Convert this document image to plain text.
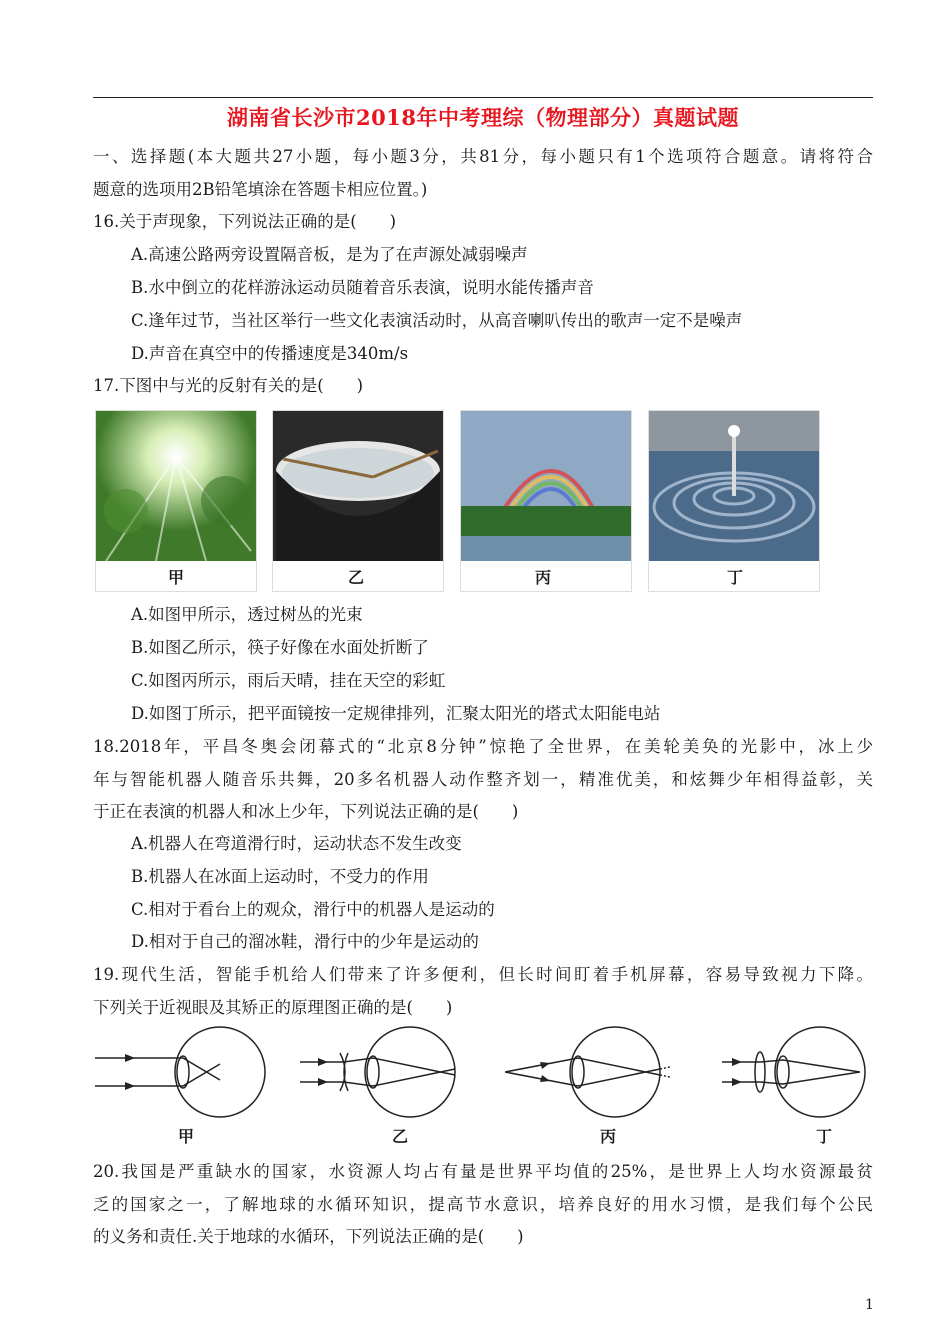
湖南省长沙市2018年中考理综（物理部分）真题试题
一、选择题(本大题共27小题，每小题3分，共81分，每小题只有1个选项符合题意。请将符合
题意的选项用2B铅笔填涂在答题卡相应位置。)
16.关于声现象，下列说法正确的是(　　)
A.高速公路两旁设置隔音板，是为了在声源处减弱噪声
B.水中倒立的花样游泳运动员随着音乐表演，说明水能传播声音
C.逢年过节，当社区举行一些文化表演活动时，从高音喇叭传出的歌声一定不是噪声
D.声音在真空中的传播速度是340m/s
17.下图中与光的反射有关的是(　　)
甲	乙	丙	丁
A.如图甲所示，透过树丛的光束
B.如图乙所示，筷子好像在水面处折断了
C.如图丙所示，雨后天晴，挂在天空的彩虹
D.如图丁所示，把平面镜按一定规律排列，汇聚太阳光的塔式太阳能电站
18.2018年，平昌冬奥会闭幕式的“北京8分钟”惊艳了全世界，在美轮美奂的光影中，冰上少
年与智能机器人随音乐共舞，20多名机器人动作整齐划一，精准优美，和炫舞少年相得益彰，关
于正在表演的机器人和冰上少年，下列说法正确的是(　　)
A.机器人在弯道滑行时，运动状态不发生改变
B.机器人在冰面上运动时，不受力的作用
C.相对于看台上的观众，滑行中的机器人是运动的
D.相对于自己的溜冰鞋，滑行中的少年是运动的
19.现代生活，智能手机给人们带来了许多便利，但长时间盯着手机屏幕，容易导致视力下降。
下列关于近视眼及其矫正的原理图正确的是(　　)
甲	乙	丙	丁
20.我国是严重缺水的国家，水资源人均占有量是世界平均值的25%，是世界上人均水资源最贫
乏的国家之一，了解地球的水循环知识，提高节水意识，培养良好的用水习惯，是我们每个公民
的义务和责任.关于地球的水循环，下列说法正确的是(　　)
1
